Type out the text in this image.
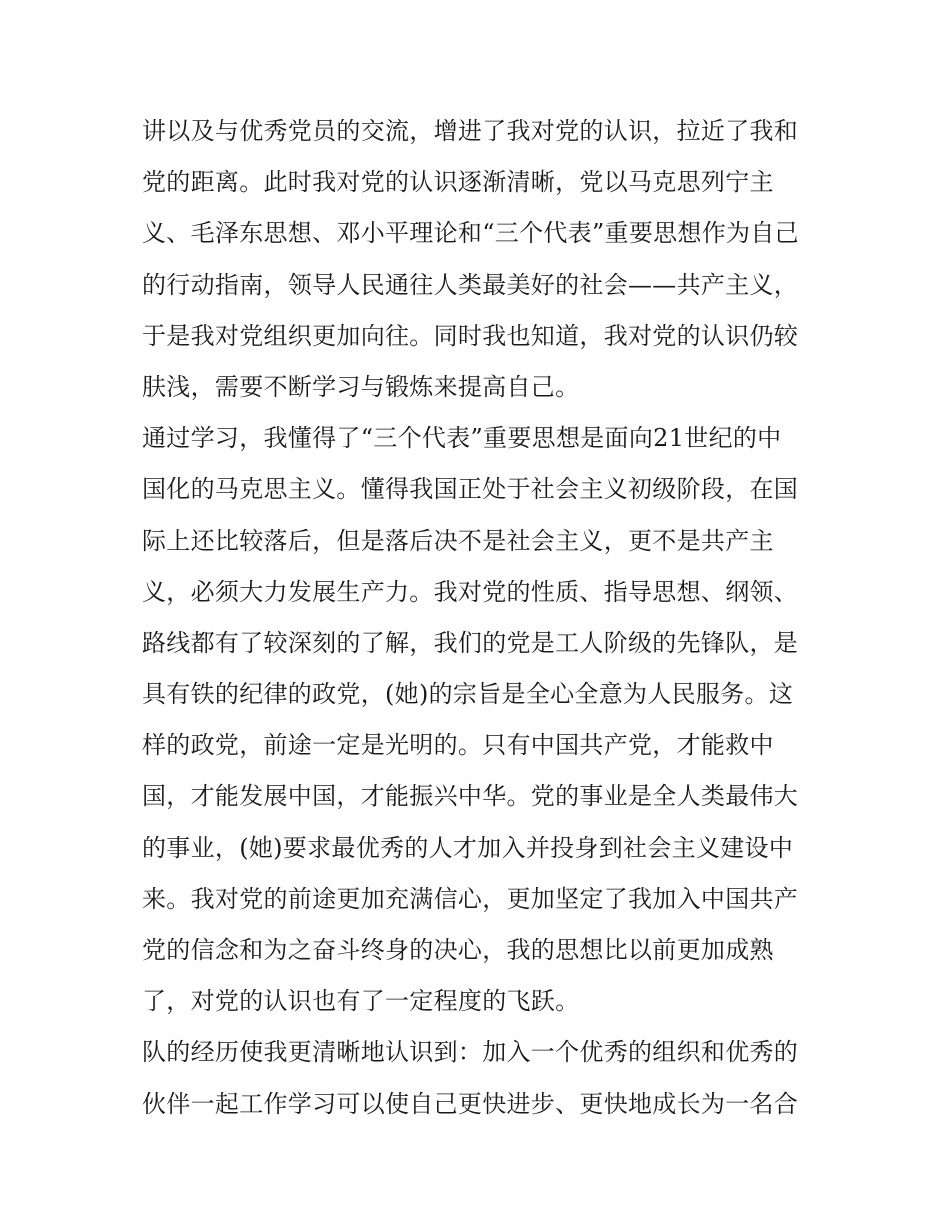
讲以及与优秀党员的交流，增进了我对党的认识，拉近了我和
党的距离。此时我对党的认识逐渐清晰，党以马克思列宁主
义、毛泽东思想、邓小平理论和“三个代表”重要思想作为自己
的行动指南，领导人民通往人类最美好的社会——共产主义，
于是我对党组织更加向往。同时我也知道，我对党的认识仍较
肤浅，需要不断学习与锻炼来提高自己。
通过学习，我懂得了“三个代表”重要思想是面向21世纪的中
国化的马克思主义。懂得我国正处于社会主义初级阶段，在国
际上还比较落后，但是落后决不是社会主义，更不是共产主
义，必须大力发展生产力。我对党的性质、指导思想、纲领、
路线都有了较深刻的了解，我们的党是工人阶级的先锋队，是
具有铁的纪律的政党，(她)的宗旨是全心全意为人民服务。这
样的政党，前途一定是光明的。只有中国共产党，才能救中
国，才能发展中国，才能振兴中华。党的事业是全人类最伟大
的事业，(她)要求最优秀的人才加入并投身到社会主义建设中
来。我对党的前途更加充满信心，更加坚定了我加入中国共产
党的信念和为之奋斗终身的决心，我的思想比以前更加成熟
了，对党的认识也有了一定程度的飞跃。
队的经历使我更清晰地认识到：加入一个优秀的组织和优秀的
伙伴一起工作学习可以使自己更快进步、更快地成长为一名合
